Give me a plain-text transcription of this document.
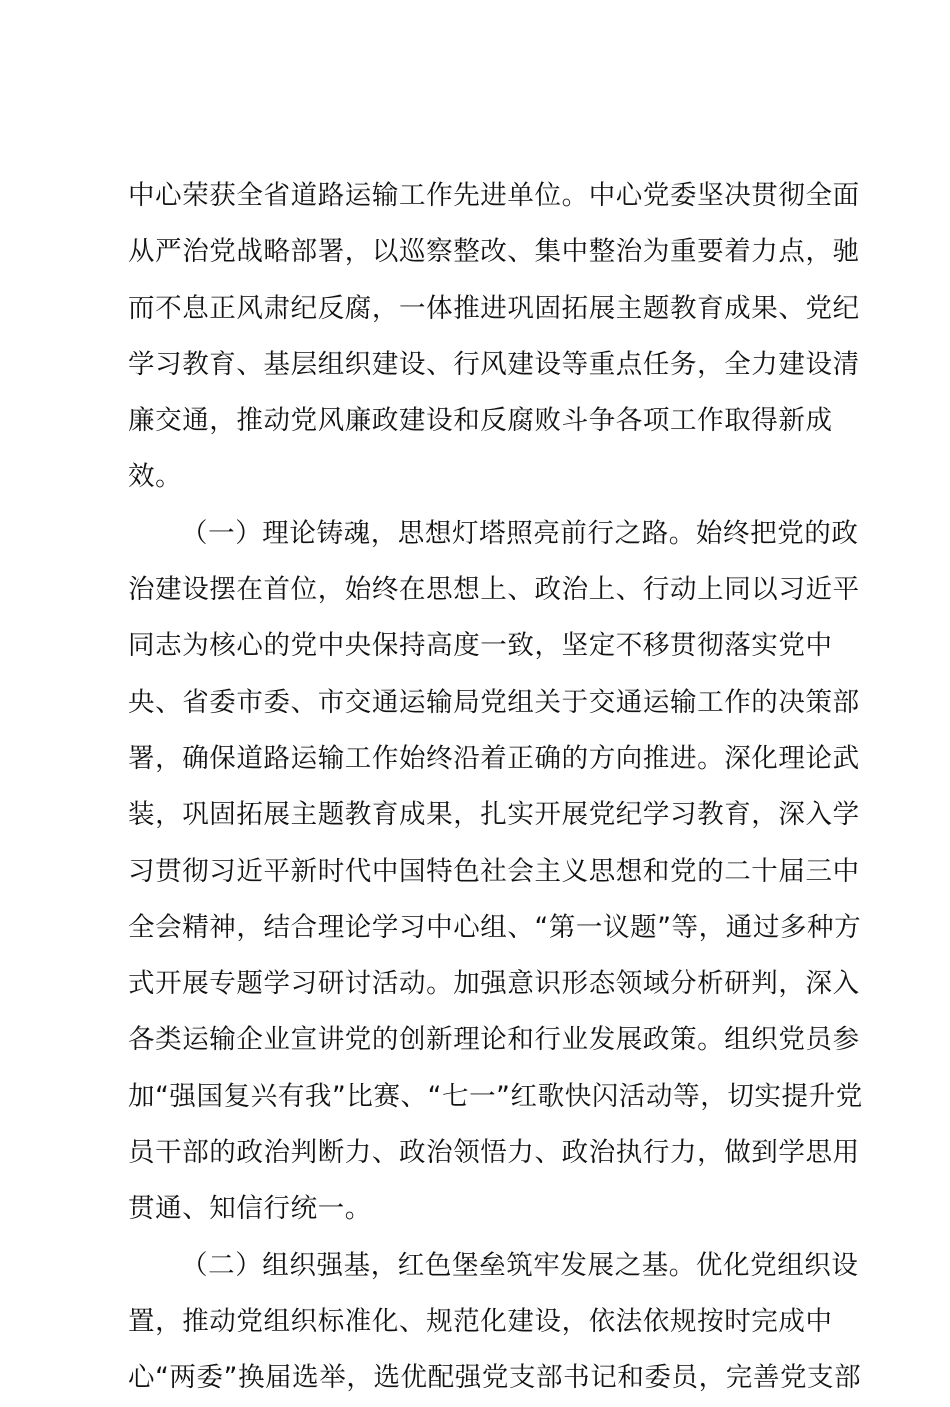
中心荣获全省道路运输工作先进单位。中心党委坚决贯彻全面
从严治党战略部署，以巡察整改、集中整治为重要着力点，驰
而不息正风肃纪反腐，一体推进巩固拓展主题教育成果、党纪
学习教育、基层组织建设、行风建设等重点任务，全力建设清
廉交通，推动党风廉政建设和反腐败斗争各项工作取得新成
效。
（一）理论铸魂，思想灯塔照亮前行之路。始终把党的政
治建设摆在首位，始终在思想上、政治上、行动上同以习近平
同志为核心的党中央保持高度一致，坚定不移贯彻落实党中
央、省委市委、市交通运输局党组关于交通运输工作的决策部
署，确保道路运输工作始终沿着正确的方向推进。深化理论武
装，巩固拓展主题教育成果，扎实开展党纪学习教育，深入学
习贯彻习近平新时代中国特色社会主义思想和党的二十届三中
全会精神，结合理论学习中心组、“第一议题”等，通过多种方
式开展专题学习研讨活动。加强意识形态领域分析研判，深入
各类运输企业宣讲党的创新理论和行业发展政策。组织党员参
加“强国复兴有我”比赛、“七一”红歌快闪活动等，切实提升党
员干部的政治判断力、政治领悟力、政治执行力，做到学思用
贯通、知信行统一。
（二）组织强基，红色堡垒筑牢发展之基。优化党组织设
置，推动党组织标准化、规范化建设，依法依规按时完成中
心“两委”换届选举，选优配强党支部书记和委员，完善党支部
